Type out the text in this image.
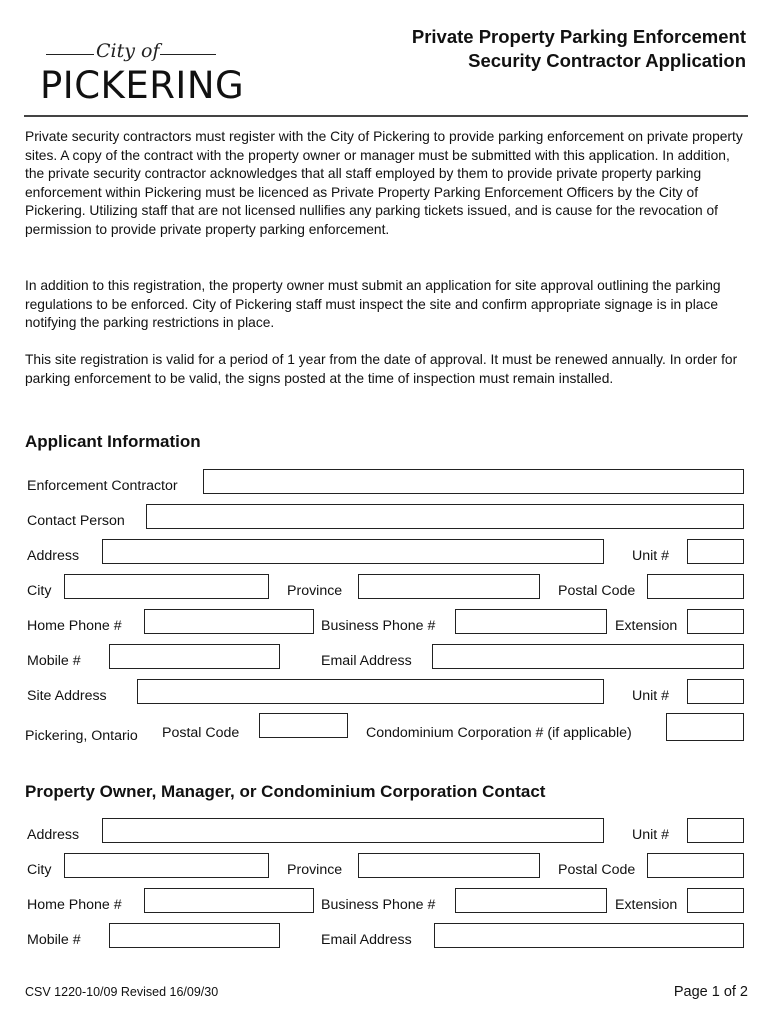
City of
PICKERING
Private Property Parking Enforcement
Security Contractor Application

Private security contractors must register with the City of Pickering to provide parking enforcement on private property sites. A copy of the contract with the property owner or manager must be submitted with this application. In addition, the private security contractor acknowledges that all staff employed by them to provide private property parking enforcement within Pickering must be licenced as Private Property Parking Enforcement Officers by the City of Pickering. Utilizing staff that are not licensed nullifies any parking tickets issued, and is cause for the revocation of permission to provide private property parking enforcement.

In addition to this registration, the property owner must submit an application for site approval outlining the parking regulations to be enforced. City of Pickering staff must inspect the site and confirm appropriate signage is in place notifying the parking restrictions in place.

This site registration is valid for a period of 1 year from the date of approval. It must be renewed annually. In order for parking enforcement to be valid, the signs posted at the time of inspection must remain installed.

Applicant Information
Enforcement Contractor
Contact Person
Address	Unit #
City	Province	Postal Code
Home Phone #	Business Phone #	Extension
Mobile #	Email Address
Site Address	Unit #
Pickering, Ontario Postal Code	Condominium Corporation # (if applicable)
Property Owner, Manager, or Condominium Corporation Contact
Address	Unit #
City	Province	Postal Code
Home Phone #	Business Phone #	Extension
Mobile #	Email Address
CSV 1220-10/09 Revised 16/09/30	Page 1 of 2
